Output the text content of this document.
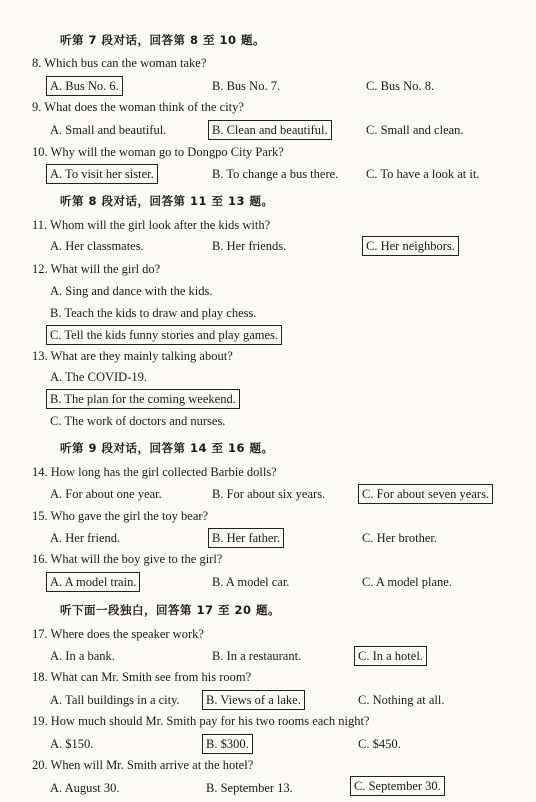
听第 7 段对话，回答第 8 至 10 题。
8. Which bus can the woman take?
A. Bus No. 6.	B. Bus No. 7.	C. Bus No. 8.
9. What does the woman think of the city?
A. Small and beautiful.	B. Clean and beautiful.	C. Small and clean.
10. Why will the woman go to Dongpo City Park?
A. To visit her sister.	B. To change a bus there. C. To have a look at it.
听第 8 段对话，回答第 11 至 13 题。
11. Whom will the girl look after the kids with?
A. Her classmates.	B. Her friends.	C. Her neighbors.
12. What will the girl do?
A. Sing and dance with the kids.
B. Teach the kids to draw and play chess.
C. Tell the kids funny stories and play games.
13. What are they mainly talking about?
A. The COVID-19.
B. The plan for the coming weekend.
C. The work of doctors and nurses.
听第 9 段对话，回答第 14 至 16 题。
14. How long has the girl collected Barbie dolls?
A. For about one year.	B. For about six years.	C. For about seven years.
15. Who gave the girl the toy bear?
A. Her friend.	B. Her father.	C. Her brother.
16. What will the boy give to the girl?
A. A model train.	B. A model car.	C. A model plane.
听下面一段独白，回答第 17 至 20 题。
17. Where does the speaker work?
A. In a bank.	B. In a restaurant.	C. In a hotel.
18. What can Mr. Smith see from his room?
A. Tall buildings in a city.	B. Views of a lake.	C. Nothing at all.
19. How much should Mr. Smith pay for his two rooms each night?
A. $150.	B. $300.	C. $450.
20. When will Mr. Smith arrive at the hotel?
A. August 30.	B. September 13.	C. September 30.
